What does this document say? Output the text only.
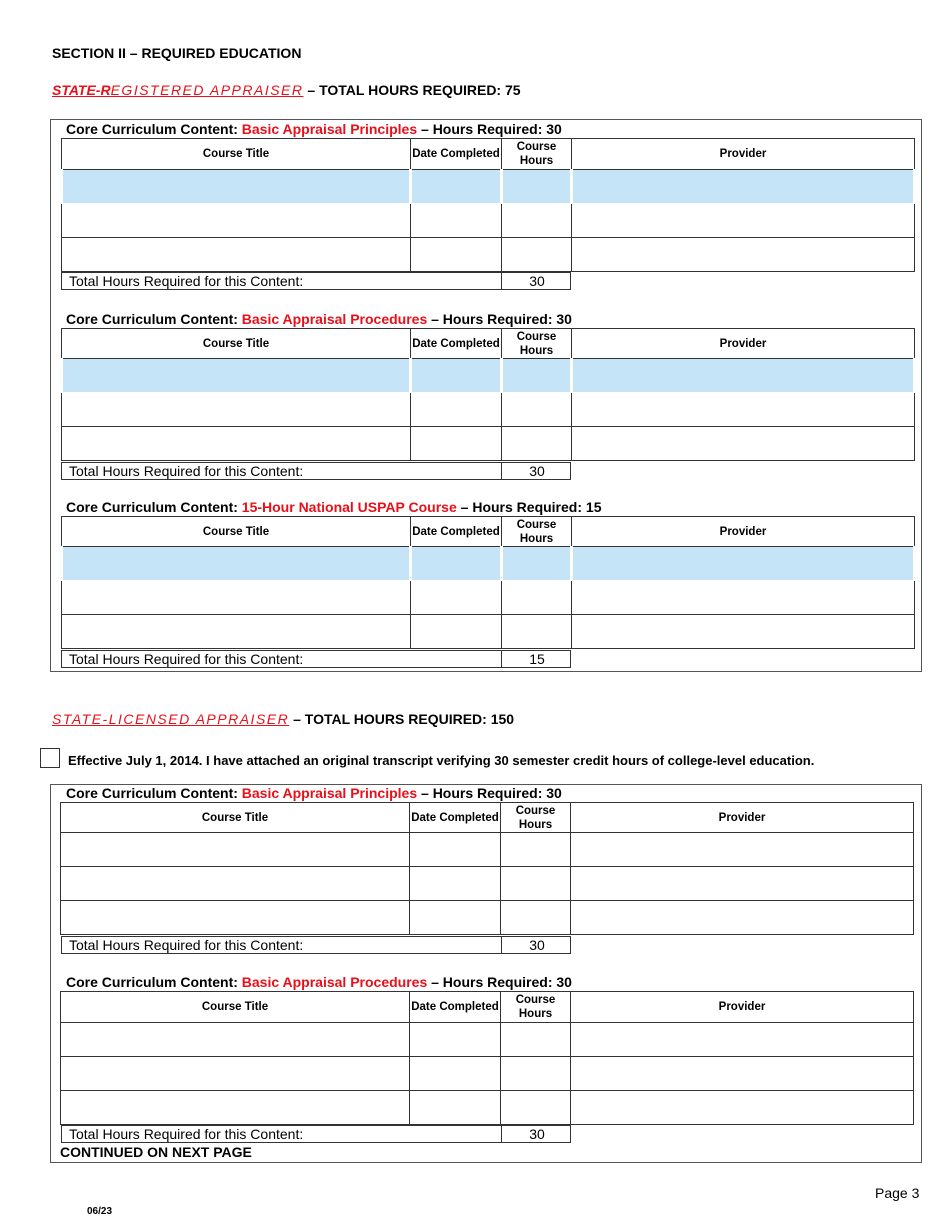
SECTION II – REQUIRED EDUCATION
STATE-REGISTERED APPRAISER – TOTAL HOURS REQUIRED: 75
Core Curriculum Content: Basic Appraisal Principles – Hours Required: 30
Course Title	Date Completed	Course Hours	Provider

Total Hours Required for this Content:	30
Core Curriculum Content: Basic Appraisal Procedures – Hours Required: 30
Course Title	Date Completed	Course Hours	Provider

Total Hours Required for this Content:	30
Core Curriculum Content: 15-Hour National USPAP Course – Hours Required: 15
Course Title	Date Completed	Course Hours	Provider

Total Hours Required for this Content:	15
STATE-LICENSED APPRAISER – TOTAL HOURS REQUIRED: 150
Effective July 1, 2014. I have attached an original transcript verifying 30 semester credit hours of college-level education.
Core Curriculum Content: Basic Appraisal Principles – Hours Required: 30
Course Title	Date Completed	Course Hours	Provider

Total Hours Required for this Content:	30
Core Curriculum Content: Basic Appraisal Procedures – Hours Required: 30
Course Title	Date Completed	Course Hours	Provider

Total Hours Required for this Content:	30
CONTINUED ON NEXT PAGE
Page 3
06/23
